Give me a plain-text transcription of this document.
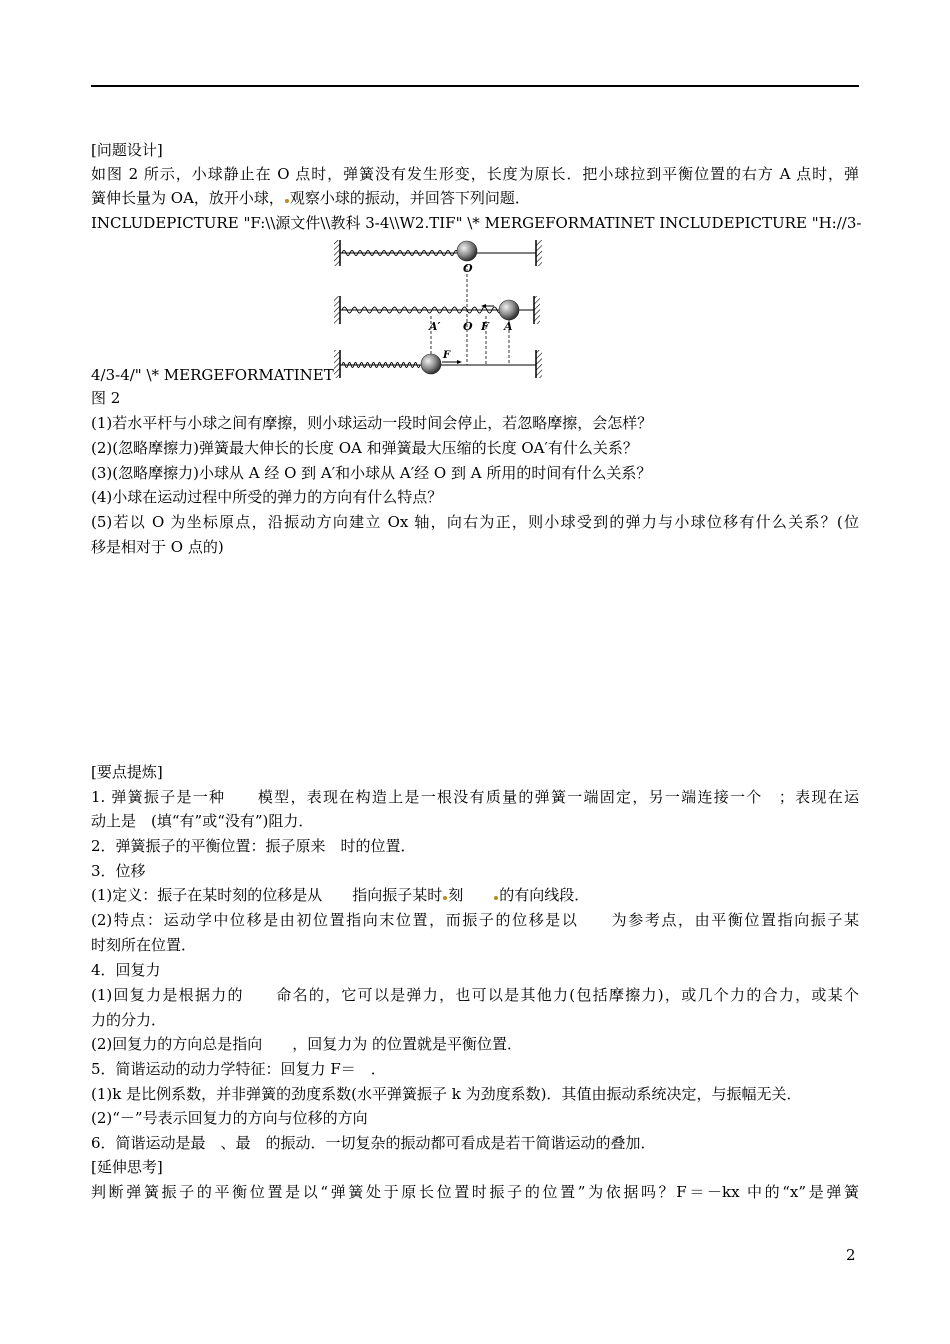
[问题设计]
如图 2 所示，小球静止在 O 点时，弹簧没有发生形变，长度为原长．把小球拉到平衡位置的右方 A 点时，弹
簧伸长量为 OA，放开小球， 观察小球的振动，并回答下列问题．
INCLUDEPICTURE "F:\\源文件\\教科 3-4\\W2.TIF" \* MERGEFORMATINET INCLUDEPICTURE "H://3-
O
A′ O F A
F
4/3-4/" \* MERGEFORMATINET
图 2
(1)若水平杆与小球之间有摩擦，则小球运动一段时间会停止，若忽略摩擦，会怎样？
(2)(忽略摩擦力)弹簧最大伸长的长度 OA 和弹簧最大压缩的长度 OA′有什么关系？
(3)(忽略摩擦力)小球从 A 经 O 到 A′和小球从 A′经 O 到 A 所用的时间有什么关系？
(4)小球在运动过程中所受的弹力的方向有什么特点？
(5)若以 O 为坐标原点，沿振动方向建立 Ox 轴，向右为正，则小球受到的弹力与小球位移有什么关系？(位
移是相对于 O 点的)
[要点提炼]
1. 弹簧振子是一种　　模型，表现在构造上是一根没有质量的弹簧一端固定，另一端连接一个　；表现在运
动上是　(填“有”或“没有”)阻力．
2．弹簧振子的平衡位置：振子原来　时的位置．
3．位移
(1)定义：振子在某时刻的位移是从　　指向振子某时 刻　　 的有向线段．
(2)特点：运动学中位移是由初位置指向末位置，而振子的位移是以　　为参考点，由平衡位置指向振子某
时刻所在位置．
4．回复力
(1)回复力是根据力的　　命名的，它可以是弹力，也可以是其他力(包括摩擦力)，或几个力的合力，或某个
力的分力．
(2)回复力的方向总是指向　　，回复力为 的位置就是平衡位置．
5．简谐运动的动力学特征：回复力 F＝　．
(1)k 是比例系数，并非弹簧的劲度系数(水平弹簧振子 k 为劲度系数)．其值由振动系统决定，与振幅无关．
(2)“－”号表示回复力的方向与位移的方向
6．简谐运动是最　、最　的振动．一切复杂的振动都可看成是若干简谐运动的叠加．
[延伸思考]
判断弹簧振子的平衡位置是以“弹簧处于原长位置时振子的位置”为依据吗？F＝－kx 中的“x”是弹簧
2
